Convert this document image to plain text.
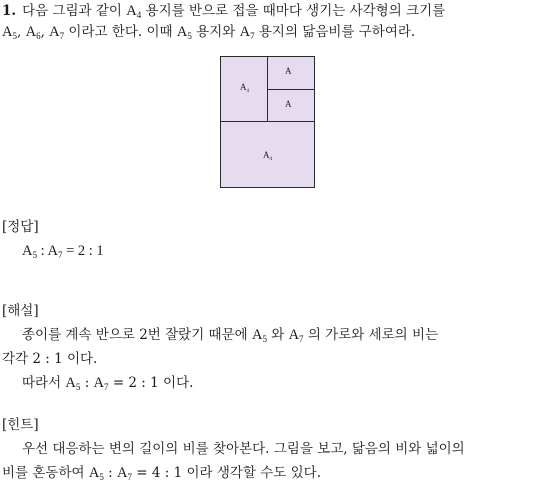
1. 다음 그림과 같이 $A_4$ 용지를 반으로 접을 때마다 생기는 사각형의 크기를
$A_5$, $A_6$, $A_7$ 이라고 한다. 이때 $A_5$ 용지와 $A_7$ 용지의 닮음비를 구하여라.
$A_4$
A
A
$A_4$
[정답]
$A_5$ : $A_7 = 2$ : 1
[해설]
종이를 계속 반으로 2번 잘랐기 때문에 $A_5$ 와 $A_7$ 의 가로와 세로의 비는
각각 2 : 1 이다.
따라서 $A_5$ : $A_7 = 2$ : 1 이다.
[힌트]
우선 대응하는 변의 길이의 비를 찾아본다. 그림을 보고, 닮음의 비와 넓이의
비를 혼동하여 $A_5$ : $A_7 = 4$ : 1 이라 생각할 수도 있다.
